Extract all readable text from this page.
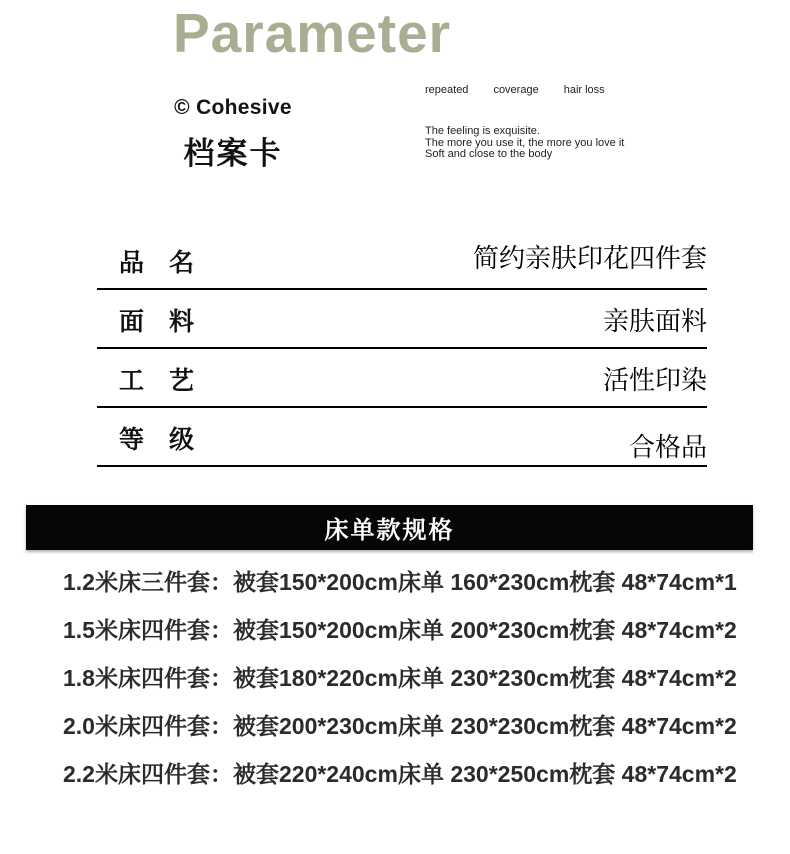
Parameter
© Cohesive
档案卡
repeated coverage hair loss
The feeling is exquisite.
The more you use it, the more you love it
Soft and close to the body
品　名	简约亲肤印花四件套
面　料	亲肤面料
工　艺	活性印染
等　级	合格品
床单款规格
1.2米床三件套： 被套150*200cm 床单 160*230cm 枕套 48*74cm*1
1.5米床四件套： 被套150*200cm 床单 200*230cm 枕套 48*74cm*2
1.8米床四件套： 被套180*220cm 床单 230*230cm 枕套 48*74cm*2
2.0米床四件套： 被套200*230cm 床单 230*230cm 枕套 48*74cm*2
2.2米床四件套： 被套220*240cm 床单 230*250cm 枕套 48*74cm*2
